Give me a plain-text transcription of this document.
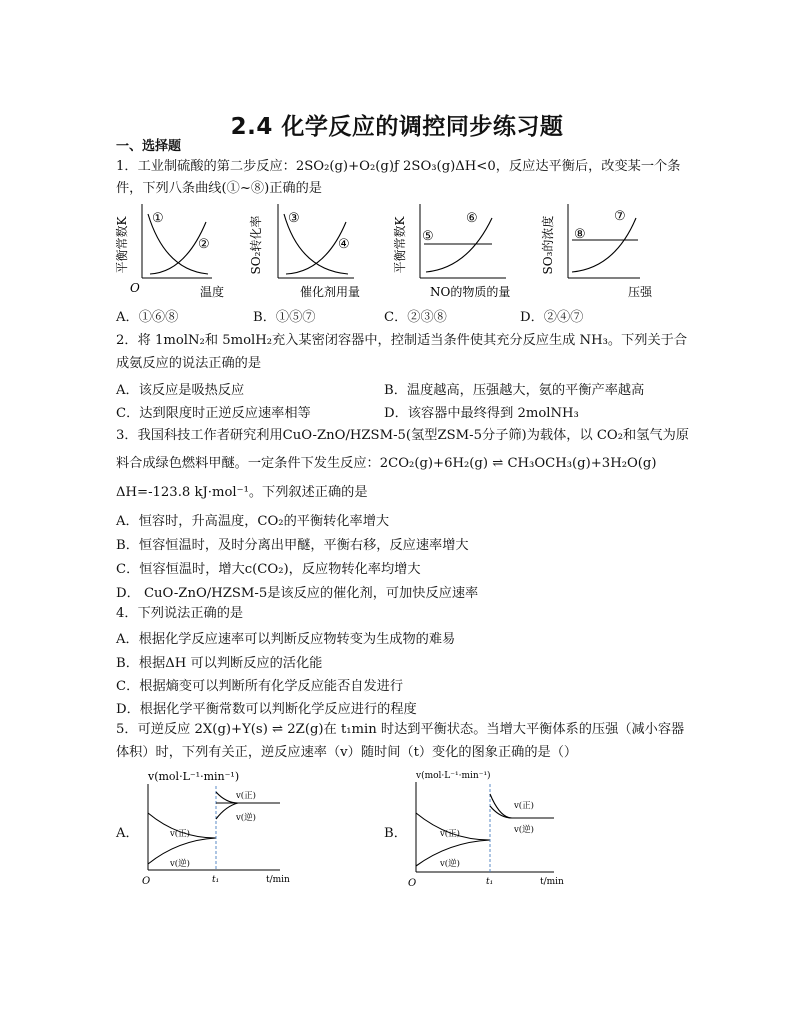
2.4 化学反应的调控同步练习题
一、选择题
1．工业制硫酸的第二步反应：2SO₂(g)+O₂(g)ƒ 2SO₃(g)ΔH<0，反应达平衡后，改变某一个条
件，下列八条曲线(①~⑧)正确的是
平衡常数K ①
②
O	温度
SO₂转化率 ③
④
催化剂用量
平衡常数K ⑤
⑥
NO的物质的量
SO₃的浓度 ⑧
⑦
压强
A．①⑥⑧	B．①⑤⑦	C．②③⑧	D．②④⑦
2．将 1molN₂和 5molH₂充入某密闭容器中，控制适当条件使其充分反应生成 NH₃。下列关于合
成氨反应的说法正确的是
A．该反应是吸热反应	B．温度越高，压强越大，氨的平衡产率越高
C．达到限度时正逆反应速率相等	D．该容器中最终得到 2molNH₃
3．我国科技工作者研究利用CuO-ZnO/HZSM-5(氢型ZSM-5分子筛)为载体，以 CO₂和氢气为原
料合成绿色燃料甲醚。一定条件下发生反应：2CO₂(g)+6H₂(g) ⇌ CH₃OCH₃(g)+3H₂O(g)
ΔH=-123.8 kJ·mol⁻¹。下列叙述正确的是
A．恒容时，升高温度，CO₂的平衡转化率增大
B．恒容恒温时，及时分离出甲醚，平衡右移，反应速率增大
C．恒容恒温时，增大c(CO₂)，反应物转化率均增大
D． CuO-ZnO/HZSM-5是该反应的催化剂，可加快反应速率
4．下列说法正确的是
A．根据化学反应速率可以判断反应物转变为生成物的难易
B．根据ΔH 可以判断反应的活化能
C．根据熵变可以判断所有化学反应能否自发进行
D．根据化学平衡常数可以判断化学反应进行的程度
5．可逆反应 2X(g)+Y(s) ⇌ 2Z(g)在 t₁min 时达到平衡状态。当增大平衡体系的压强（减小容器
体积）时，下列有关正，逆反应速率（v）随时间（t）变化的图象正确的是（）
A．
v(mol·L⁻¹·min⁻¹)
v(正)
v(逆)
v(正)
v(逆)
O	t₁	t/min
B．
v(mol·L⁻¹·min⁻¹)
v(正)
v(逆)
v(正)
v(逆)
O	t₁	t/min
